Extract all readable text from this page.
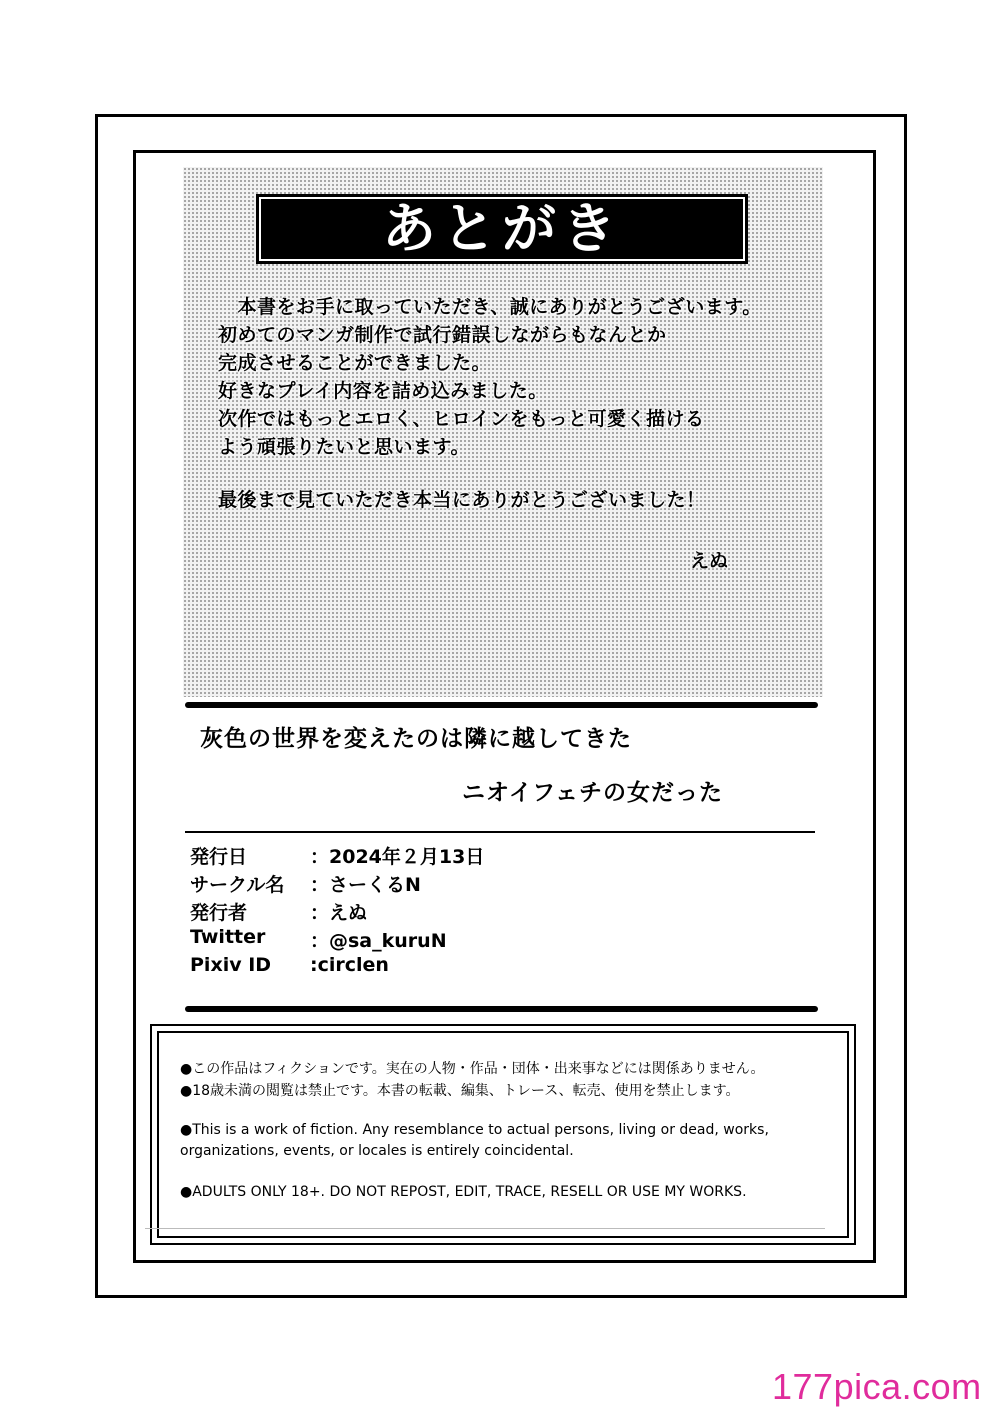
あとがき
　本書をお手に取っていただき、誠にありがとうございます。
初めてのマンガ制作で試行錯誤しながらもなんとか
完成させることができました。
好きなプレイ内容を詰め込みました。
次作ではもっとエロく、ヒロインをもっと可愛く描ける
よう頑張りたいと思います。
最後まで見ていただき本当にありがとうございました！
えぬ
灰色の世界を変えたのは隣に越してきた
ニオイフェチの女だった
発行日	：2024年２月13日
サークル名 ：さーくるN
発行者	：えぬ
Twitter ：@sa_kuruN
Pixiv ID :circlen
●この作品はフィクションです。実在の人物・作品・団体・出来事などには関係ありません。
●18歳未満の閲覧は禁止です。本書の転載、編集、トレース、転売、使用を禁止します。
●This is a work of fiction. Any resemblance to actual persons, living or dead, works,
organizations, events, or locales is entirely coincidental.
●ADULTS ONLY 18+. DO NOT REPOST, EDIT, TRACE, RESELL OR USE MY WORKS.
177pica.com
